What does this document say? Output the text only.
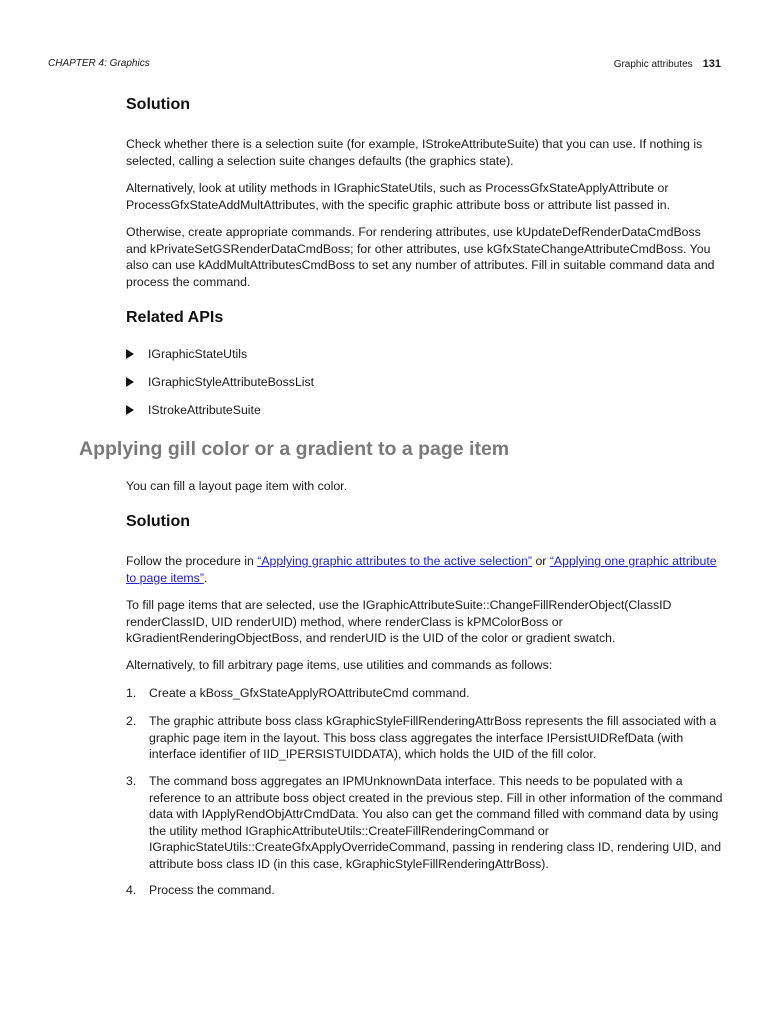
CHAPTER 4: Graphics	Graphic attributes 131
Solution

Check whether there is a selection suite (for example, IStrokeAttributeSuite) that you can use. If nothing is selected, calling a selection suite changes defaults (the graphics state).

Alternatively, look at utility methods in IGraphicStateUtils, such as ProcessGfxStateApplyAttribute or ProcessGfxStateAddMultAttributes, with the specific graphic attribute boss or attribute list passed in.

Otherwise, create appropriate commands. For rendering attributes, use kUpdateDefRenderDataCmdBoss and kPrivateSetGSRenderDataCmdBoss; for other attributes, use kGfxStateChangeAttributeCmdBoss. You also can use kAddMultAttributesCmdBoss to set any number of attributes. Fill in suitable command data and process the command.

Related APIs
IGraphicStateUtils
IGraphicStyleAttributeBossList
IStrokeAttributeSuite
Applying gill color or a gradient to a page item

You can fill a layout page item with color.

Solution

Follow the procedure in “Applying graphic attributes to the active selection” or “Applying one graphic attribute to page items”.

To fill page items that are selected, use the IGraphicAttributeSuite::ChangeFillRenderObject(ClassID renderClassID, UID renderUID) method, where renderClass is kPMColorBoss or kGradientRenderingObjectBoss, and renderUID is the UID of the color or gradient swatch.

Alternatively, to fill arbitrary page items, use utilities and commands as follows:

1. Create a kBoss_GfxStateApplyROAttributeCmd command.
2. The graphic attribute boss class kGraphicStyleFillRenderingAttrBoss represents the fill associated with a graphic page item in the layout. This boss class aggregates the interface IPersistUIDRefData (with interface identifier of IID_IPERSISTUIDDATA), which holds the UID of the fill color.
3. The command boss aggregates an IPMUnknownData interface. This needs to be populated with a reference to an attribute boss object created in the previous step. Fill in other information of the command data with IApplyRendObjAttrCmdData. You also can get the command filled with command data by using the utility method IGraphicAttributeUtils::CreateFillRenderingCommand or IGraphicStateUtils::CreateGfxApplyOverrideCommand, passing in rendering class ID, rendering UID, and attribute boss class ID (in this case, kGraphicStyleFillRenderingAttrBoss).
4. Process the command.
